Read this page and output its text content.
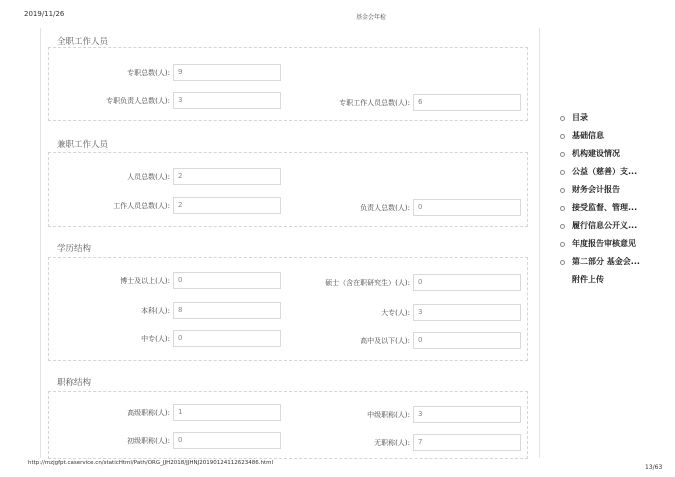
2019/11/26	基金会年检
全职工作人员
专职总数(人):	9
专职负责人总数(人):	3	专职工作人员总数(人):	6
兼职工作人员
人员总数(人):	2
工作人员总数(人):	2	负责人总数(人):	0
学历结构
博士及以上(人):	0	硕士（含在职研究生）(人):	0
本科(人):	8	大专(人):	3
中专(人):	0	高中及以下(人):	0
职称结构
高级职称(人):	1	中级职称(人):	3
初级职称(人):	0	无职称(人):	7
目录
基础信息
机构建设情况
公益（慈善）支...
财务会计报告
接受监督、管理...
履行信息公开义...
年度报告审核意见
第二部分 基金会...
附件上传
http://mzjgfpt.caservice.cn/staticHtml/Path/ORG_JJH2018/JJHNJ20190124112623486.html
13/63
